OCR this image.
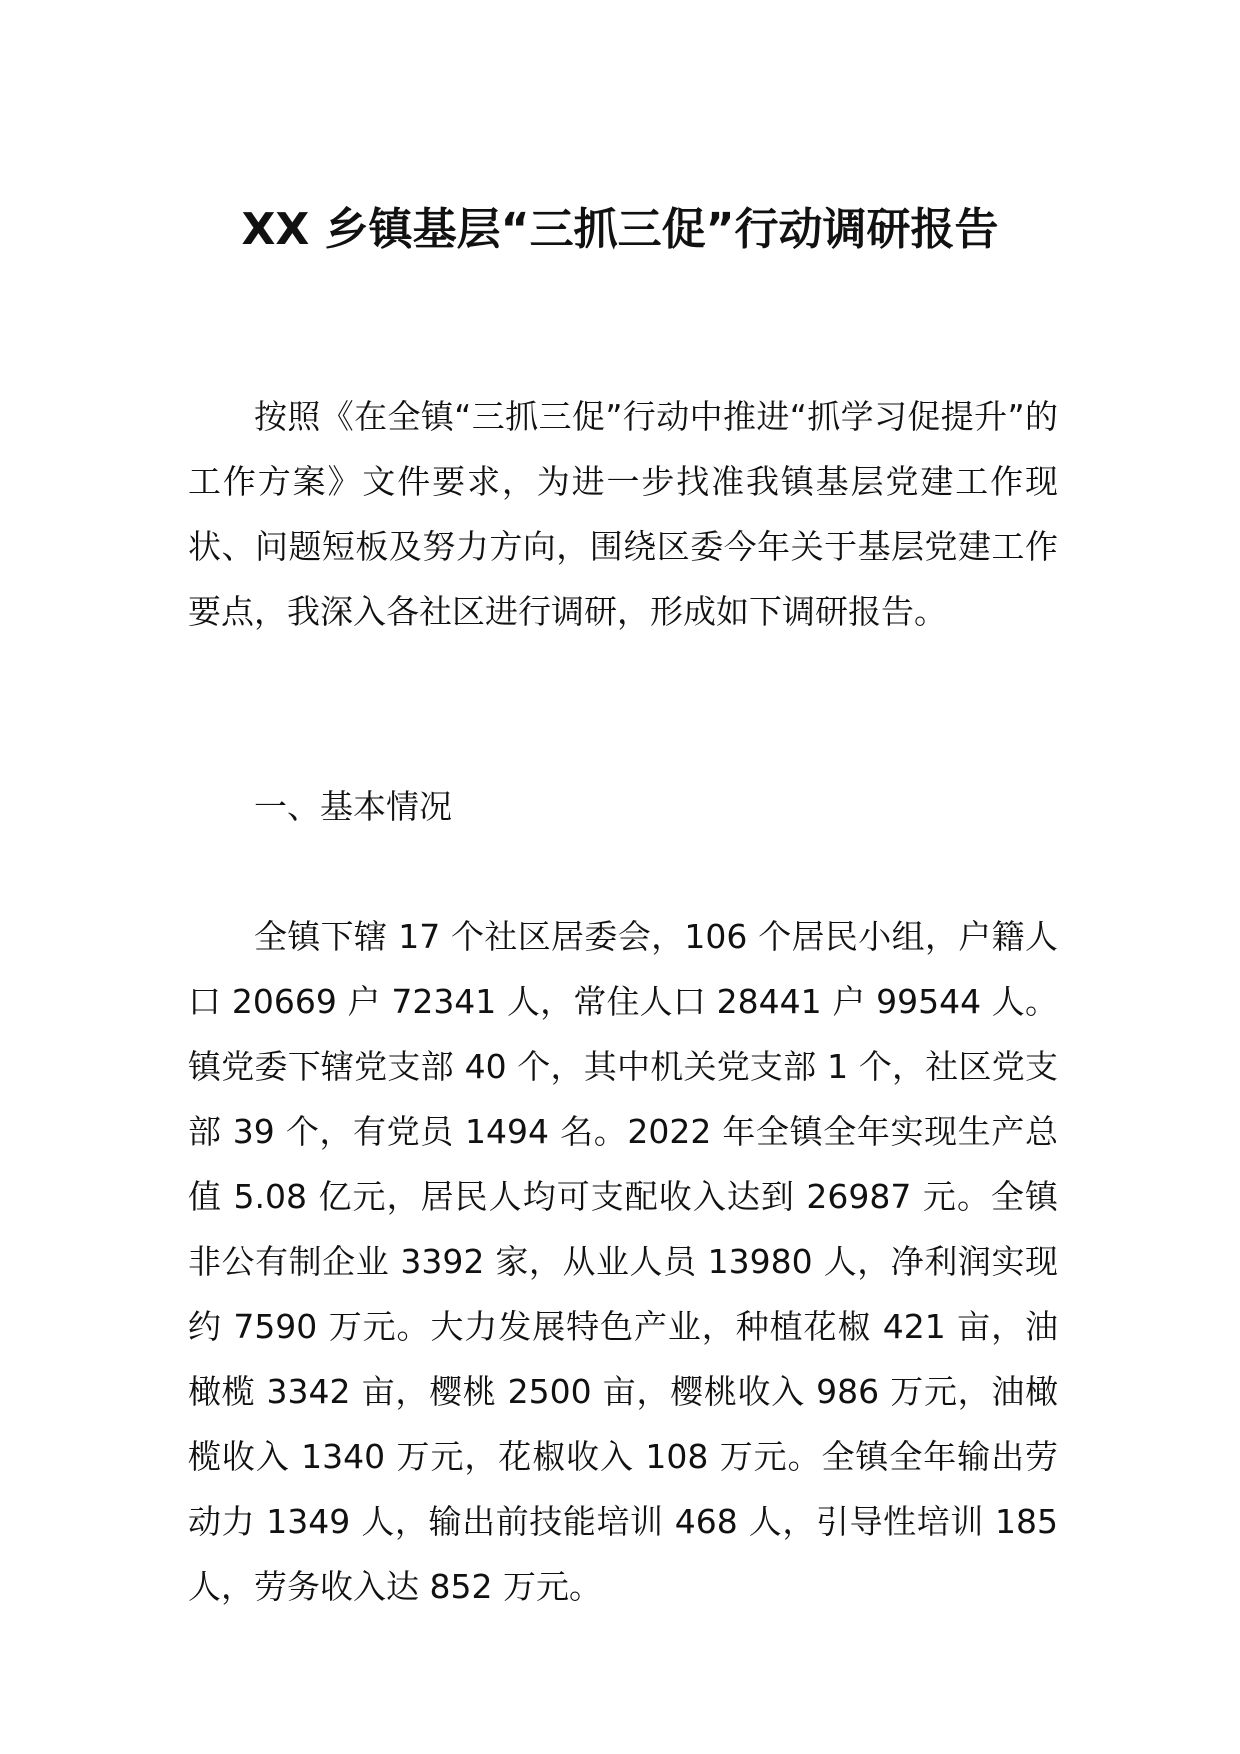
XX 乡镇基层“三抓三促”行动调研报告

按照《在全镇“三抓三促”行动中推进“抓学习促提升”的工作方案》文件要求，为进一步找准我镇基层党建工作现状、问题短板及努力方向，围绕区委今年关于基层党建工作要点，我深入各社区进行调研，形成如下调研报告。

一、基本情况

全镇下辖 17 个社区居委会，106 个居民小组，户籍人口 20669 户 72341 人，常住人口 28441 户 99544 人。镇党委下辖党支部 40 个，其中机关党支部 1 个，社区党支部 39 个，有党员 1494 名。2022 年全镇全年实现生产总值 5.08 亿元，居民人均可支配收入达到 26987 元。全镇非公有制企业 3392 家，从业人员 13980 人，净利润实现约 7590 万元。大力发展特色产业，种植花椒 421 亩，油橄榄 3342 亩，樱桃 2500 亩，樱桃收入 986 万元，油橄榄收入 1340 万元，花椒收入 108 万元。全镇全年输出劳动力 1349 人，输出前技能培训 468 人，引导性培训 185 人，劳务收入达 852 万元。
